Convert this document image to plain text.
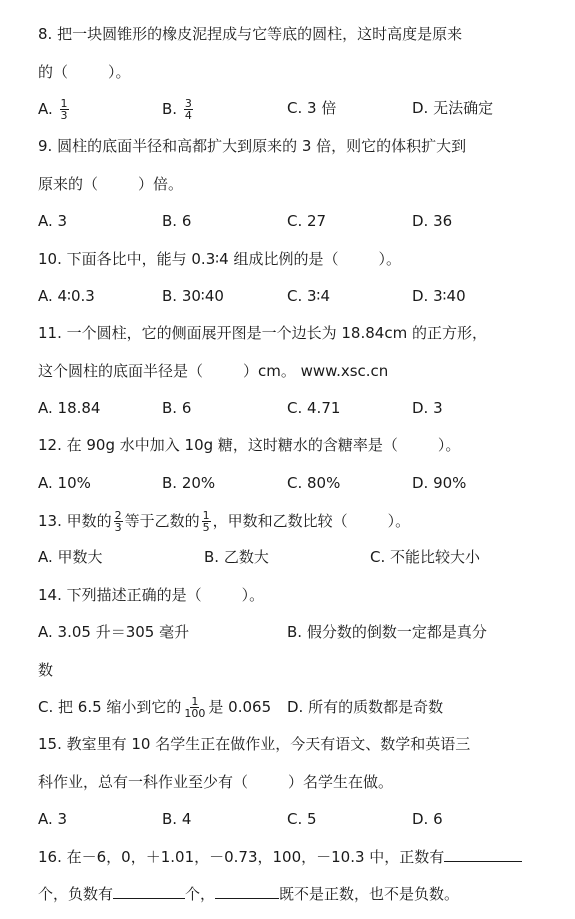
8. 把一块圆锥形的橡皮泥捏成与它等底的圆柱，这时高度是原来
的（	）。
A. $\frac{1}{3}$	B. $\frac{3}{4}$	C. 3 倍	D. 无法确定
9. 圆柱的底面半径和高都扩大到原来的 3 倍，则它的体积扩大到
原来的（	）倍。
A. 3	B. 6	C. 27	D. 36
10. 下面各比中，能与 0.3∶4 组成比例的是（	）。
A. 4∶0.3	B. 30∶40	C. 3∶4	D. 3∶40
11. 一个圆柱，它的侧面展开图是一个边长为 18.84cm 的正方形，
这个圆柱的底面半径是（	）cm。 www.xsc.cn
A. 18.84	B. 6	C. 4.71	D. 3
12. 在 90g 水中加入 10g 糖，这时糖水的含糖率是（	）。
A. 10%	B. 20%	C. 80%	D. 90%
13. 甲数的 $\frac{2}{3}$ 等于乙数的 $\frac{1}{5}$ ，甲数和乙数比较（	）。
A. 甲数大	B. 乙数大	C. 不能比较大小
14. 下列描述正确的是（	）。
A. 3.05 升＝305 毫升	B. 假分数的倒数一定都是真分
数
C. 把 6.5 缩小到它的 $\frac{1}{100}$ 是 0.065 D. 所有的质数都是奇数
15. 教室里有 10 名学生正在做作业，今天有语文、数学和英语三
科作业，总有一科作业至少有（	）名学生在做。
A. 3	B. 4	C. 5	D. 6
16. 在－6，0，＋1.01，－0.73，100，－10.3 中，正数有
个，负数有	个，	既不是正数，也不是负数。
